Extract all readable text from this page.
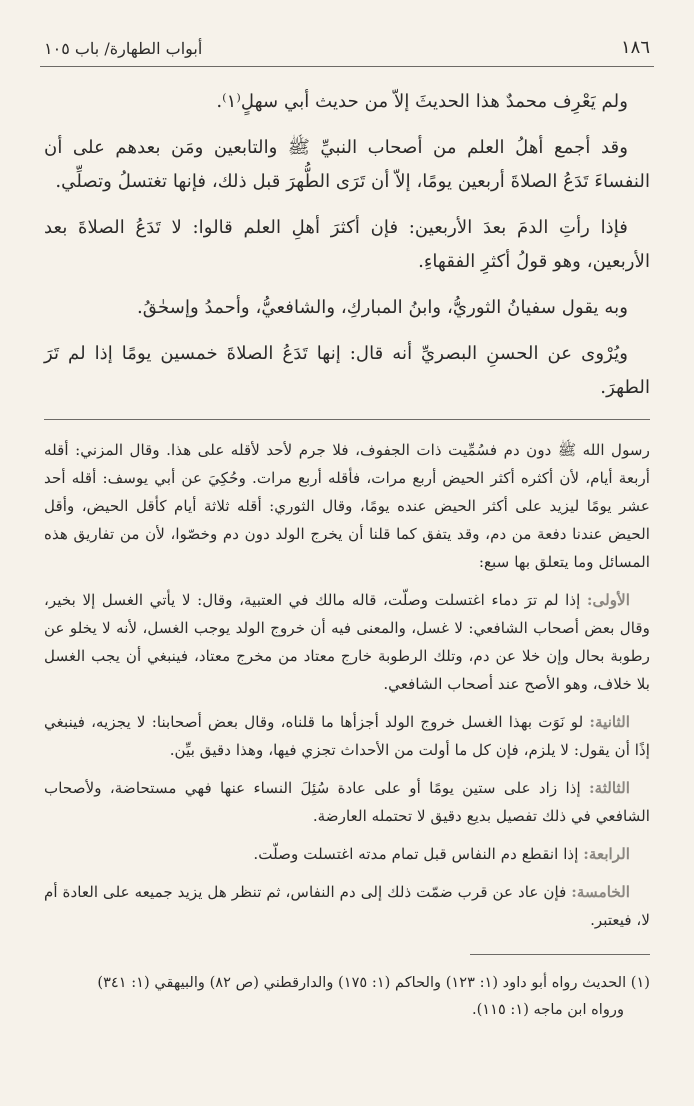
١٨٦
أبواب الطهارة/ باب ١٠٥

ولم يَعْرِف محمدٌ هذا الحديثَ إلاّ من حديث أبي سهلٍ⁽١⁾.

وقد أجمع أهلُ العلم من أصحاب النبيِّ ﷺ والتابعين ومَن بعدهم على أن النفساءَ تَدَعُ الصلاةَ أربعين يومًا، إلاّ أن تَرَى الطُّهرَ قبل ذلك، فإنها تغتسلُ وتصلِّي.

فإذا رأتِ الدمَ بعدَ الأربعين: فإن أكثرَ أهلِ العلم قالوا: لا تَدَعُ الصلاةَ بعد الأربعين، وهو قولُ أكثرِ الفقهاءِ.

وبه يقول سفيانُ الثوريُّ، وابنُ المباركِ، والشافعيُّ، وأحمدُ وإسحٰقُ.

ويُرْوى عن الحسنِ البصريِّ أنه قال: إنها تَدَعُ الصلاةَ خمسين يومًا إذا لم تَرَ الطهرَ.

رسول الله ﷺ دون دم فسُمِّيت ذات الجفوف، فلا جرم لأحد لأقله على هذا. وقال المزني: أقله أربعة أيام، لأن أكثره أكثر الحيض أربع مرات، فأقله أربع مرات. وحُكِيَ عن أبي يوسف: أقله أحد عشر يومًا ليزيد على أكثر الحيض عنده يومًا، وقال الثوري: أقله ثلاثة أيام كأقل الحيض، وأقل الحيض عندنا دفعة من دم، وقد يتفق كما قلنا أن يخرج الولد دون دم وخصّوا، لأن من تفاريق هذه المسائل وما يتعلق بها سبع:

الأولى: إذا لم ترَ دماء اغتسلت وصلّت، قاله مالك في العتبية، وقال: لا يأتي الغسل إلا بخير، وقال بعض أصحاب الشافعي: لا غسل، والمعنى فيه أن خروج الولد يوجب الغسل، لأنه لا يخلو عن رطوبة بحال وإن خلا عن دم، وتلك الرطوبة خارج معتاد من مخرج معتاد، فينبغي أن يجب الغسل بلا خلاف، وهو الأصح عند أصحاب الشافعي.

الثانية: لو نَوَت بهذا الغسل خروج الولد أجزأها ما قلناه، وقال بعض أصحابنا: لا يجزيه، فينبغي إذًا أن يقول: لا يلزم، فإن كل ما أولت من الأحداث تجزي فيها، وهذا دقيق بيِّن.

الثالثة: إذا زاد على ستين يومًا أو على عادة سُئِلَ النساء عنها فهي مستحاضة، ولأصحاب الشافعي في ذلك تفصيل بديع دقيق لا تحتمله العارضة.

الرابعة: إذا انقطع دم النفاس قبل تمام مدته اغتسلت وصلّت.

الخامسة: فإن عاد عن قرب ضمّت ذلك إلى دم النفاس، ثم تنظر هل يزيد جميعه على العادة أم لا، فيعتبر.

(١) الحديث رواه أبو داود (١: ١٢٣) والحاكم (١: ١٧٥) والدارقطني (ص ٨٢) والبيهقي (١: ٣٤١)

ورواه ابن ماجه (١: ١١٥).
